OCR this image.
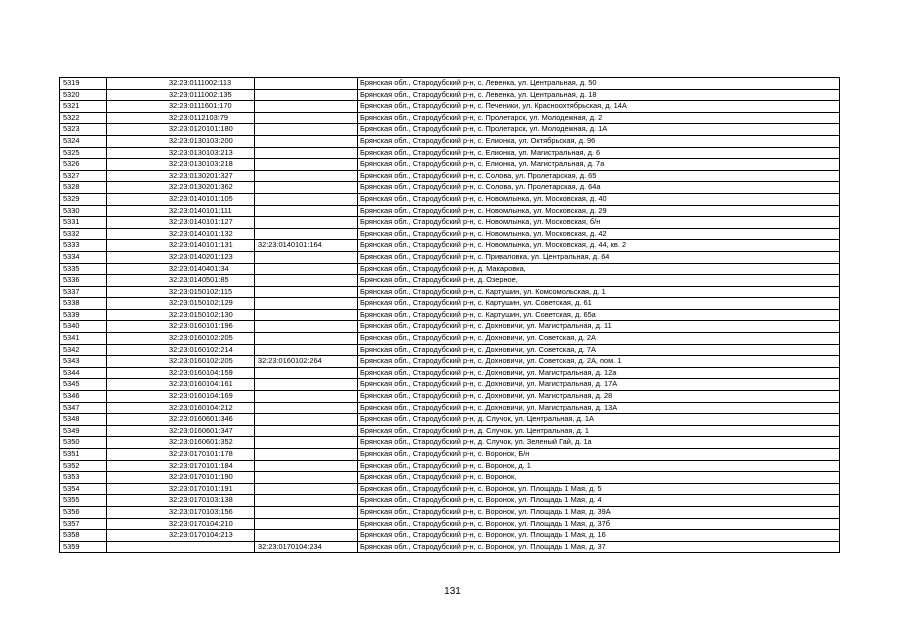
5319	32:23:0111002:113		Брянская обл., Стародубский р-н, с. Левенка, ул. Центральная, д. 50
5320	32:23:0111002:135		Брянская обл., Стародубский р-н, с. Левенка, ул. Центральная, д. 18
5321	32:23:0111601:170		Брянская обл., Стародубский р-н, с. Печеники, ул. Красноохтябрьская, д. 14А
5322	32:23:0112103:79		Брянская обл., Стародубский р-н, с. Пролетарск, ул. Молодежная, д. 2
5323	32:23:0120101:180		Брянская обл., Стародубский р-н, с. Пролетарск, ул. Молодежная, д. 1А
5324	32:23:0130103:200		Брянская обл., Стародубский р-н, с. Елионка, ул. Октябрьская, д. 96
5325	32:23:0130103:213		Брянская обл., Стародубский р-н, с. Елионка, ул. Магистральная, д. 6
5326	32:23:0130103:218		Брянская обл., Стародубский р-н, с. Елионка, ул. Магистральная, д. 7а
5327	32:23:0130201:327		Брянская обл., Стародубский р-н, с. Солова, ул. Пролетарская, д. 65
5328	32:23:0130201:362		Брянская обл., Стародубский р-н, с. Солова, ул. Пролетарская, д. 64а
5329	32:23:0140101:105		Брянская обл., Стародубский р-н, с. Новомлынка, ул. Московская, д. 40
5330	32:23:0140101:111		Брянская обл., Стародубский р-н, с. Новомлынка, ул. Московская, д. 29
5331	32:23:0140101:127		Брянская обл., Стародубский р-н, с. Новомлынка, ул. Московская, б/н
5332	32:23:0140101:132		Брянская обл., Стародубский р-н, с. Новомлынка, ул. Московская, д. 42
5333	32:23:0140101:131	32:23:0140101:164	Брянская обл., Стародубский р-н, с. Новомлынка, ул. Московская, д. 44, кв. 2
5334	32:23:0140201:123		Брянская обл., Стародубский р-н, с. Приваловка, ул. Центральная, д. 64
5335	32:23:0140401:34		Брянская обл., Стародубский р-н, д. Макаровка,
5336	32:23:0140501:85		Брянская обл., Стародубский р-н, д. Озерное,
5337	32:23:0150102:115		Брянская обл., Стародубский р-н, с. Картушин, ул. Комсомольская, д. 1
5338	32:23:0150102:129		Брянская обл., Стародубский р-н, с. Картушин, ул. Советская, д. 61
5339	32:23:0150102:130		Брянская обл., Стародубский р-н, с. Картушин, ул. Советская, д. 65а
5340	32:23:0160101:196		Брянская обл., Стародубский р-н, с. Дохновичи, ул. Магистральная, д. 11
5341	32:23:0160102:205		Брянская обл., Стародубский р-н, с. Дохновичи, ул. Советская, д. 2А
5342	32:23:0160102:214		Брянская обл., Стародубский р-н, с. Дохновичи, ул. Советская, д. 7А
5343	32:23:0160102:205	32:23:0160102:264	Брянская обл., Стародубский р-н, с. Дохновичи, ул. Советская, д. 2А, пом. 1
5344	32:23:0160104:159		Брянская обл., Стародубский р-н, с. Дохновичи, ул. Магистральная, д. 12а
5345	32:23:0160104:161		Брянская обл., Стародубский р-н, с. Дохновичи, ул. Магистральная, д. 17А
5346	32:23:0160104:169		Брянская обл., Стародубский р-н, с. Дохновичи, ул. Магистральная, д. 28
5347	32:23:0160104:212		Брянская обл., Стародубский р-н, с. Дохновичи, ул. Магистральная, д. 13А
5348	32:23:0160601:346		Брянская обл., Стародубский р-н, д. Случок, ул. Центральная, д. 1А
5349	32:23:0160601:347		Брянская обл., Стародубский р-н, д. Случок, ул. Центральная, д. 1
5350	32:23:0160601:352		Брянская обл., Стародубский р-н, д. Случок, ул. Зеленый Гай, д. 1а
5351	32:23:0170101:178		Брянская обл., Стародубский р-н, с. Воронок, Б/н
5352	32:23:0170101:184		Брянская обл., Стародубский р-н, с. Воронок, д. 1
5353	32:23:0170101:190		Брянская обл., Стародубский р-н, с. Воронок,
5354	32:23:0170101:191		Брянская обл., Стародубский р-н, с. Воронок, ул. Площадь 1 Мая, д. 5
5355	32:23:0170103:138		Брянская обл., Стародубский р-н, с. Воронок, ул. Площадь 1 Мая, д. 4
5356	32:23:0170103:156		Брянская обл., Стародубский р-н, с. Воронок, ул. Площадь 1 Мая, д. 39А
5357	32:23:0170104:210		Брянская обл., Стародубский р-н, с. Воронок, ул. Площадь 1 Мая, д. 37б
5358	32:23:0170104:213		Брянская обл., Стародубский р-н, с. Воронок, ул. Площадь 1 Мая, д. 16
5359		32:23:0170104:234	Брянская обл., Стародубский р-н, с. Воронок, ул. Площадь 1 Мая, д. 37
131
